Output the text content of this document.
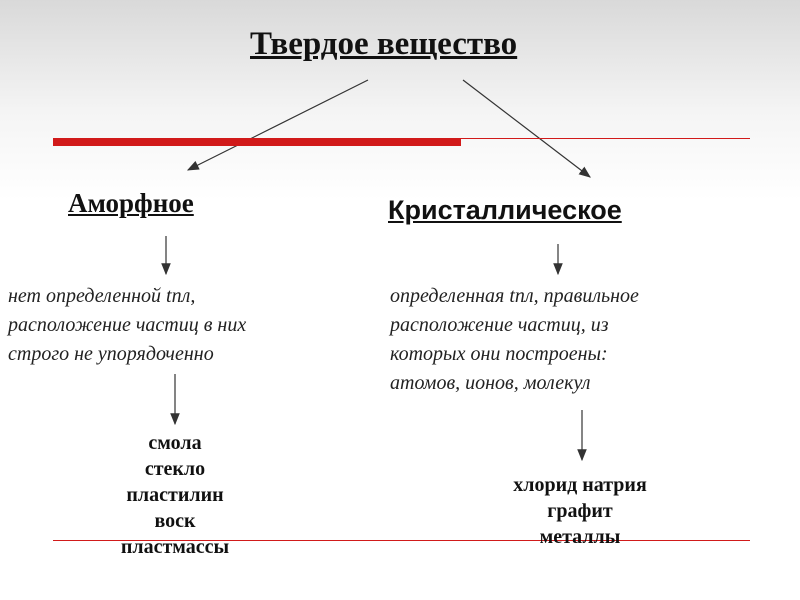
Твердое вещество
Аморфное	Кристаллическое
нет определенной tпл,
расположение частиц в них
строго не упорядоченно
определенная tпл, правильное
расположение частиц, из
которых они построены:
атомов, ионов, молекул
смола
стекло
пластилин
воск
пластмассы
хлорид натрия
графит
металлы
